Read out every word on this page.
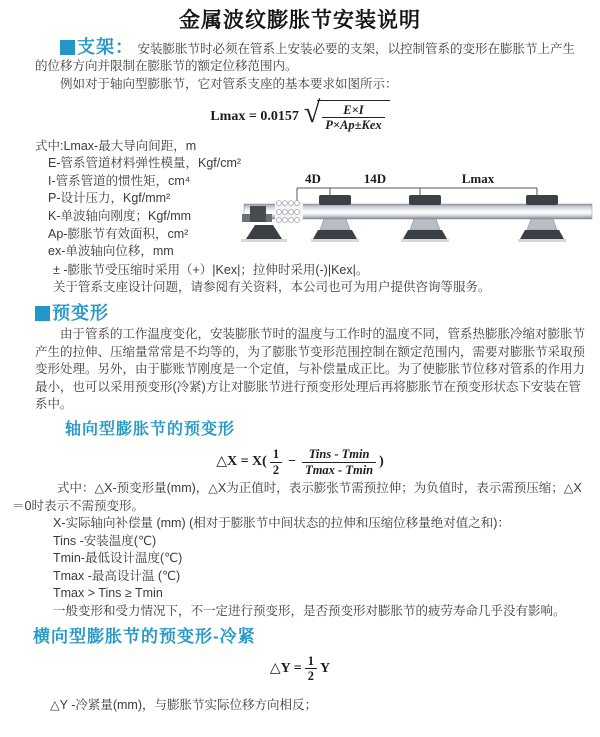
金属波纹膨胀节安装说明

支架： 安装膨胀节时必须在管系上安装必要的支架，以控制管系的变形在膨胀节上产生的位移方向并限制在膨胀节的额定位移范围内。

例如对于轴向型膨胀节，它对管系支座的基本要求如图所示：

Lmax = 0.0157 √ $\frac{E\times I}{\text{P×Ap±Kex}}$
式中:Lmax-最大导向间距，m
E-管系管道材料弹性模量，Kgf/cm²
I-管系管道的惯性矩，cm⁴
P-设计压力，Kgf/mm²
K-单波轴向刚度；Kgf/mm
Ap-膨胀节有效面积，cm²
ex-单波轴向位移，mm
4D	14D	Lmax

± -膨胀节受压缩时采用（+）|Kex|；拉伸时采用(-)|Kex|。

关于管系支座设计问题，请参阅有关资料，本公司也可为用户提供咨询等服务。

预变形

由于管系的工作温度变化，安装膨胀节时的温度与工作时的温度不同，管系热膨胀冷缩对膨胀节产生的拉伸、压缩量常常是不均等的，为了膨胀节变形范围控制在额定范围内，需要对膨胀节采取预变形处理。另外，由于膨账节刚度是一个定值，与补偿量成正比。为了使膨胀节位移对管系的作用力最小，也可以采用预变形(冷紧)方让对膨胀节进行预变形处理后再将膨胀节在预变形状态下安装在管系中。

轴向型膨胀节的预变形
△X = $X( \frac{1}{2} - \frac{\text{Tins - Tmin}}{Tmax - Tmin}$ )

式中：△X-预变形量(mm)，△X为正值时，表示膨张节需预拉伸；为负值时，表示需预压缩；△X＝0时表示不需预变形。

X-实际轴向补偿量 (mm) (相对于膨胀节中间状态的拉伸和压缩位移量绝对值之和)：

Tins -安装温度(℃)

Tmin-最低设计温度(℃)

Tmax -最高设计温 (℃)

Tmax > Tins ≥ Tmin

一般变形和受力情况下，不一定进行预变形，是否预变形对膨胀节的疲劳寿命几乎没有影响。

横向型膨胀节的预变形-冷紧
△Y = $\frac{1}{2}$ Y

△Y -冷紧量(mm)，与膨胀节实际位移方向相反；
